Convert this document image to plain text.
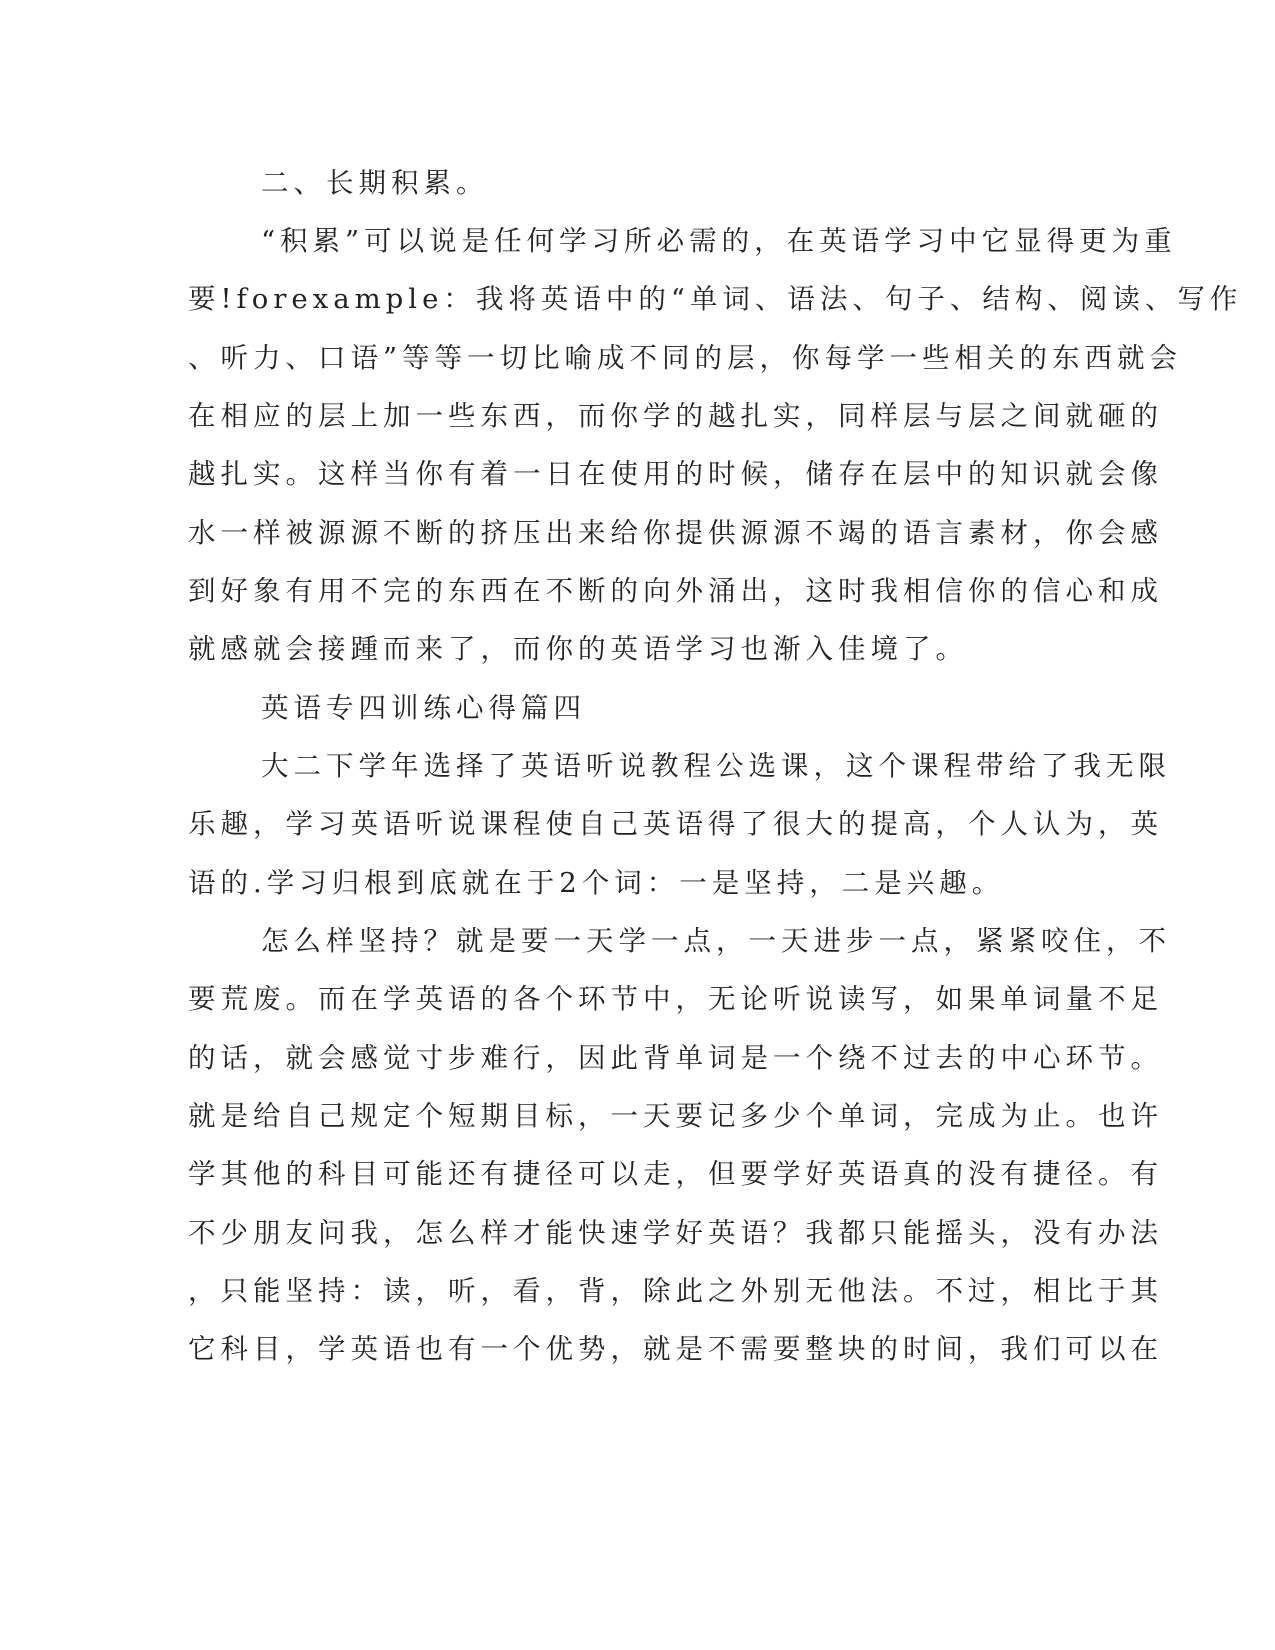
二、长期积累。
“积累”可以说是任何学习所必需的，在英语学习中它显得更为重
要!forexample：我将英语中的“单词、语法、句子、结构、阅读、写作
、听力、口语”等等一切比喻成不同的层，你每学一些相关的东西就会
在相应的层上加一些东西，而你学的越扎实，同样层与层之间就砸的
越扎实。这样当你有着一日在使用的时候，储存在层中的知识就会像
水一样被源源不断的挤压出来给你提供源源不竭的语言素材，你会感
到好象有用不完的东西在不断的向外涌出，这时我相信你的信心和成
就感就会接踵而来了，而你的英语学习也渐入佳境了。
英语专四训练心得篇四
大二下学年选择了英语听说教程公选课，这个课程带给了我无限
乐趣，学习英语听说课程使自己英语得了很大的提高，个人认为，英
语的.学习归根到底就在于2个词：一是坚持，二是兴趣。
怎么样坚持？就是要一天学一点，一天进步一点，紧紧咬住，不
要荒废。而在学英语的各个环节中，无论听说读写，如果单词量不足
的话，就会感觉寸步难行，因此背单词是一个绕不过去的中心环节。
就是给自己规定个短期目标，一天要记多少个单词，完成为止。也许
学其他的科目可能还有捷径可以走，但要学好英语真的没有捷径。有
不少朋友问我，怎么样才能快速学好英语？我都只能摇头，没有办法
，只能坚持：读，听，看，背，除此之外别无他法。不过，相比于其
它科目，学英语也有一个优势，就是不需要整块的时间，我们可以在
